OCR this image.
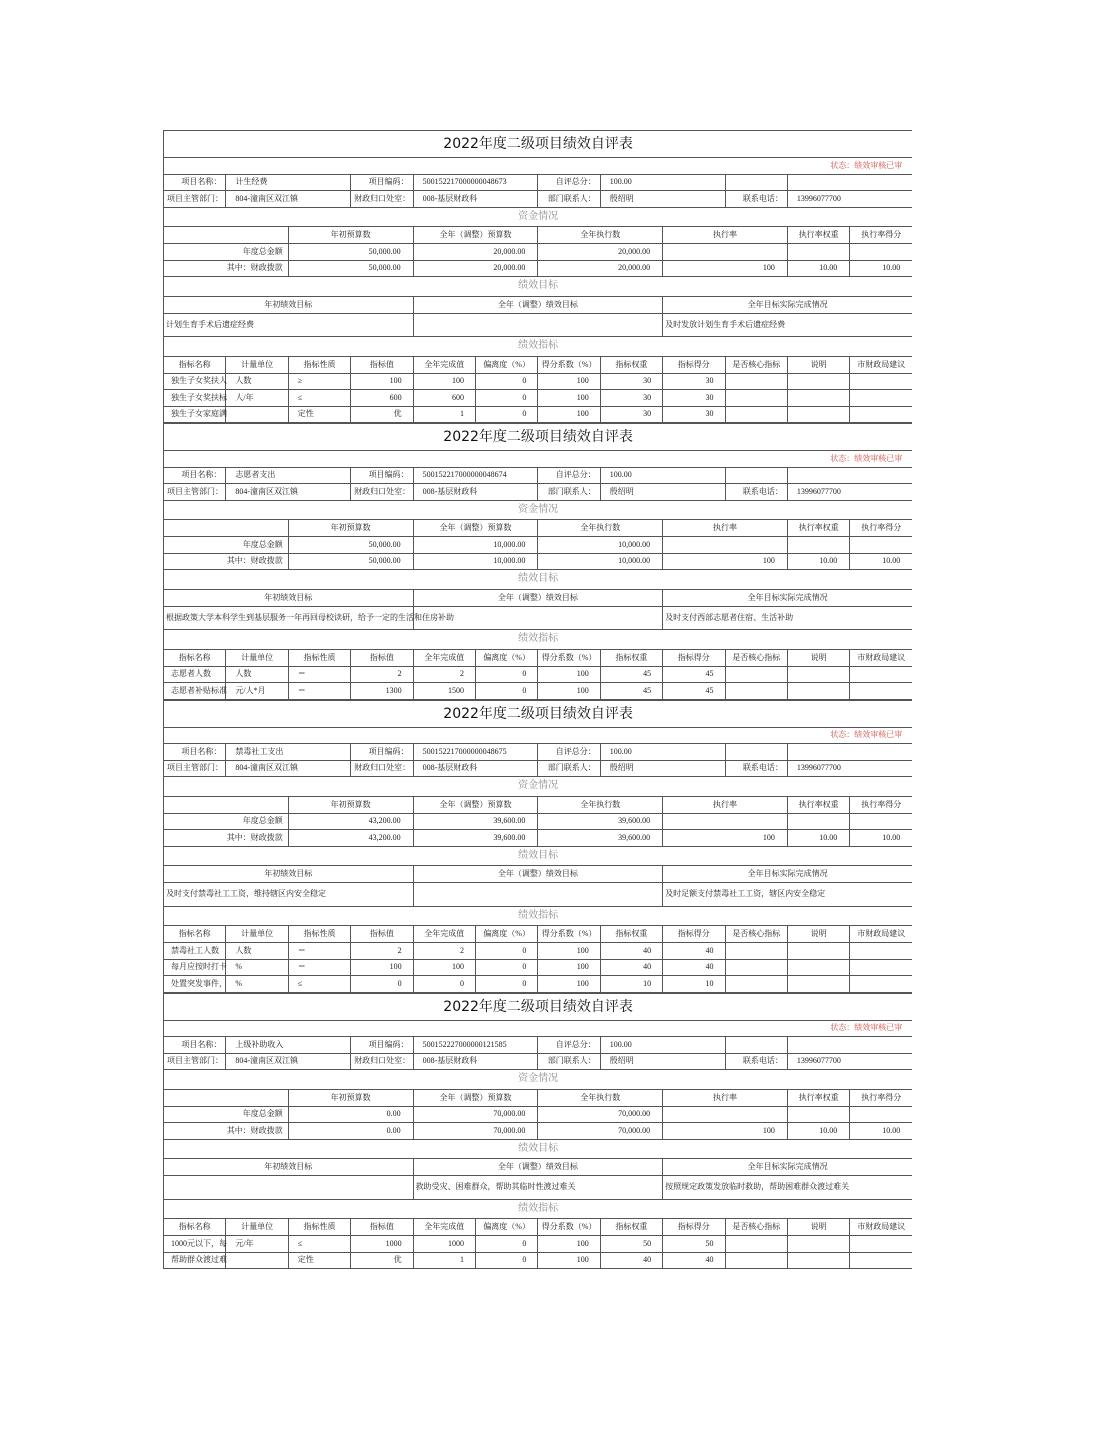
2022年度二级项目绩效自评表											
状态：绩效审核已审											
项目名称：	计生经费		项目编码：	500152217000000048673		自评总分：	100.00				
项目主管部门：	804-潼南区双江镇		财政归口处室：	008-基层财政科		部门联系人：	殷绍明		联系电话：	13996077700	
资金情况											
		年初预算数		全年（调整）预算数		全年执行数		执行率		执行率权重	执行率得分
年度总金额		50,000.00		20,000.00		20,000.00					
其中：财政拨款		50,000.00		20,000.00		20,000.00		100		10.00	10.00
绩效目标											
年初绩效目标				全年（调整）绩效目标				全年目标实际完成情况			
计划生育手术后遗症经费								及时发放计划生育手术后遗症经费			
绩效指标											
指标名称	计量单位	指标性质	指标值	全年完成值	偏离度（%）	得分系数（%）	指标权重	指标得分	是否核心指标	说明	市财政局建议
独生子女奖扶人	人数	≥	100	100	0	100	30	30			
独生子女奖扶标	人/年	≤	600	600	0	100	30	30			
独生子女家庭满		定性	优	1	0	100	30	30			
2022年度二级项目绩效自评表											
状态：绩效审核已审											
项目名称：	志愿者支出		项目编码：	500152217000000048674		自评总分：	100.00				
项目主管部门：	804-潼南区双江镇		财政归口处室：	008-基层财政科		部门联系人：	殷绍明		联系电话：	13996077700	
资金情况											
		年初预算数		全年（调整）预算数		全年执行数		执行率		执行率权重	执行率得分
年度总金额		50,000.00		10,000.00		10,000.00					
其中：财政拨款		50,000.00		10,000.00		10,000.00		100		10.00	10.00
绩效目标											
年初绩效目标				全年（调整）绩效目标				全年目标实际完成情况			
根据政策大学本科学生到基层服务一年再回母校读研，给予一定的生活和住房补助								及时支付西部志愿者住宿、生活补助			
绩效指标											
指标名称	计量单位	指标性质	指标值	全年完成值	偏离度（%）	得分系数（%）	指标权重	指标得分	是否核心指标	说明	市财政局建议
志愿者人数	人数	＝	2	2	0	100	45	45			
志愿者补贴标准	元/人*月	＝	1300	1500	0	100	45	45			
2022年度二级项目绩效自评表											
状态：绩效审核已审											
项目名称：	禁毒社工支出		项目编码：	500152217000000048675		自评总分：	100.00				
项目主管部门：	804-潼南区双江镇		财政归口处室：	008-基层财政科		部门联系人：	殷绍明		联系电话：	13996077700	
资金情况											
		年初预算数		全年（调整）预算数		全年执行数		执行率		执行率权重	执行率得分
年度总金额		43,200.00		39,600.00		39,600.00					
其中：财政拨款		43,200.00		39,600.00		39,600.00		100		10.00	10.00
绩效目标											
年初绩效目标				全年（调整）绩效目标				全年目标实际完成情况			
及时支付禁毒社工工资，维持辖区内安全稳定								及时足额支付禁毒社工工资，辖区内安全稳定			
绩效指标											
指标名称	计量单位	指标性质	指标值	全年完成值	偏离度（%）	得分系数（%）	指标权重	指标得分	是否核心指标	说明	市财政局建议
禁毒社工人数	人数	＝	2	2	0	100	40	40			
每月应按时打卡	%	＝	100	100	0	100	40	40			
处置突发事件，	%	≤	0	0	0	100	10	10			
2022年度二级项目绩效自评表											
状态：绩效审核已审											
项目名称：	上级补助收入		项目编码：	500152227000000121585		自评总分：	100.00				
项目主管部门：	804-潼南区双江镇		财政归口处室：	008-基层财政科		部门联系人：	殷绍明		联系电话：	13996077700	
资金情况											
		年初预算数		全年（调整）预算数		全年执行数		执行率		执行率权重	执行率得分
年度总金额		0.00		70,000.00		70,000.00					
其中：财政拨款		0.00		70,000.00		70,000.00		100		10.00	10.00
绩效目标											
年初绩效目标				全年（调整）绩效目标				全年目标实际完成情况			
				救助受灾、困难群众，帮助其临时性渡过难关				按照规定政策发放临时救助，帮助困难群众渡过难关			
绩效指标											
指标名称	计量单位	指标性质	指标值	全年完成值	偏离度（%）	得分系数（%）	指标权重	指标得分	是否核心指标	说明	市财政局建议
1000元以下，每	元/年	≤	1000	1000	0	100	50	50			
帮助群众渡过难		定性	优	1	0	100	40	40			
